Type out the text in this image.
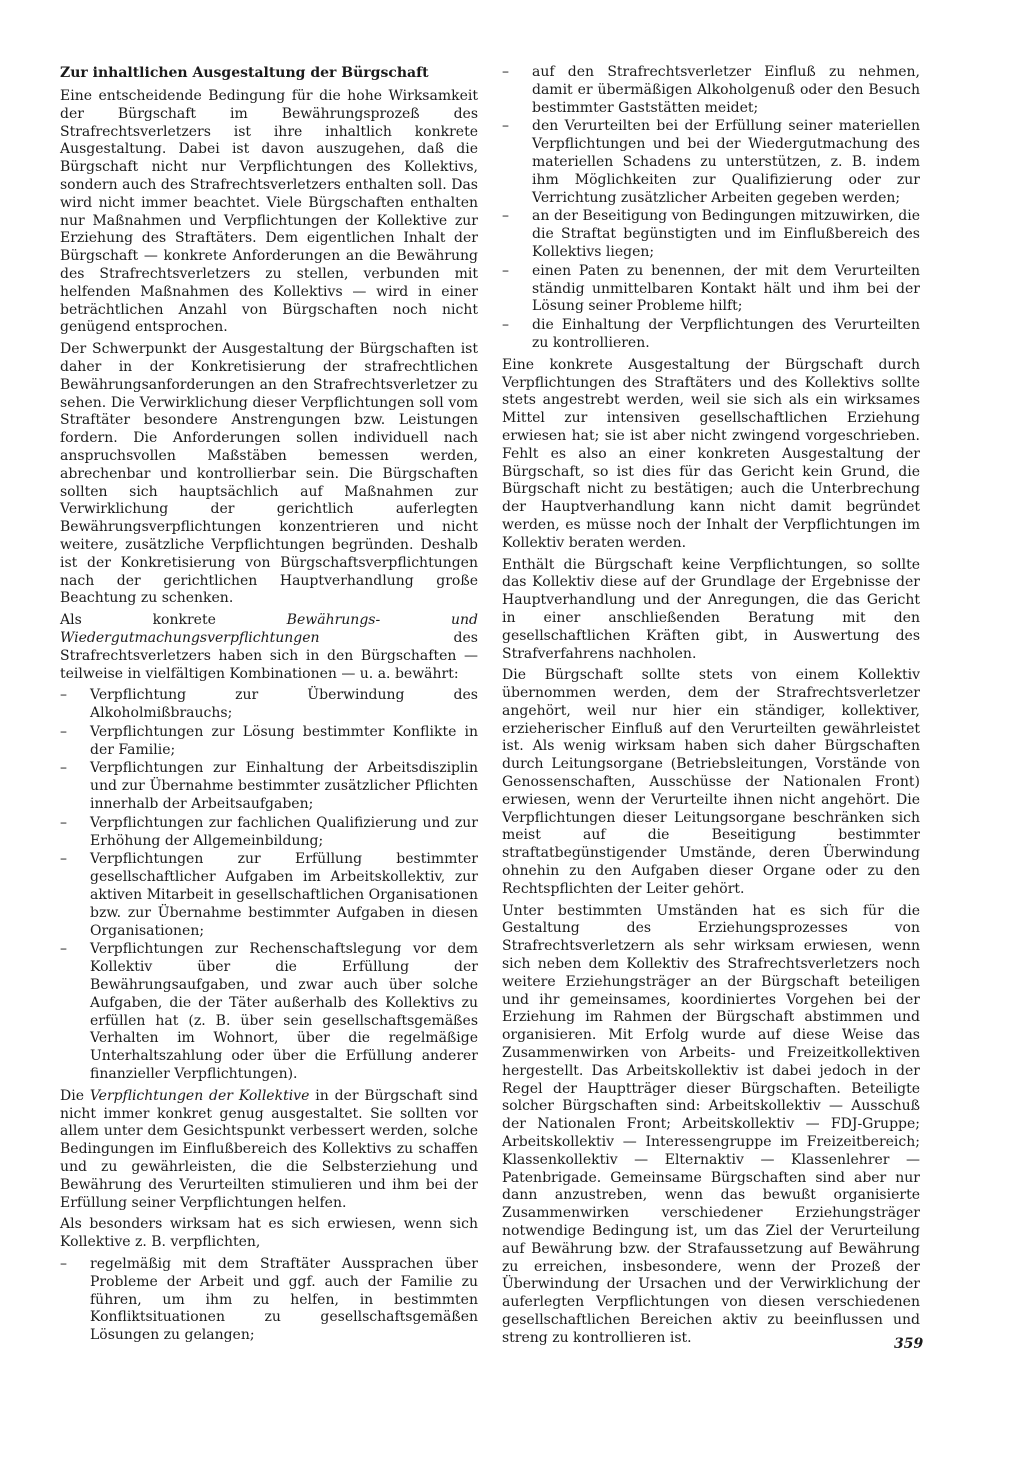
Zur inhaltlichen Ausgestaltung der Bürgschaft

Eine entscheidende Bedingung für die hohe Wirksamkeit der Bürgschaft im Bewährungsprozeß des Strafrechtsverletzers ist ihre inhaltlich konkrete Ausgestaltung. Dabei ist davon auszugehen, daß die Bürgschaft nicht nur Verpflichtungen des Kollektivs, sondern auch des Strafrechtsverletzers enthalten soll. Das wird nicht immer beachtet. Viele Bürgschaften enthalten nur Maßnahmen und Verpflichtungen der Kollektive zur Erziehung des Straftäters. Dem eigentlichen Inhalt der Bürgschaft — konkrete Anforderungen an die Bewährung des Strafrechtsverletzers zu stellen, verbunden mit helfenden Maßnahmen des Kollektivs — wird in einer beträchtlichen Anzahl von Bürgschaften noch nicht genügend entsprochen.

Der Schwerpunkt der Ausgestaltung der Bürgschaften ist daher in der Konkretisierung der strafrechtlichen Bewährungsanforderungen an den Strafrechtsverletzer zu sehen. Die Verwirklichung dieser Verpflichtungen soll vom Straftäter besondere Anstrengungen bzw. Leistungen fordern. Die Anforderungen sollen individuell nach anspruchsvollen Maßstäben bemessen werden, abrechenbar und kontrollierbar sein. Die Bürgschaften sollten sich hauptsächlich auf Maßnahmen zur Verwirklichung der gerichtlich auferlegten Bewährungsverpflichtungen konzentrieren und nicht weitere, zusätzliche Verpflichtungen begründen. Deshalb ist der Konkretisierung von Bürgschaftsverpflichtungen nach der gerichtlichen Hauptverhandlung große Beachtung zu schenken.

Als konkrete Bewährungs- und Wiedergutmachungsverpflichtungen des Strafrechtsverletzers haben sich in den Bürgschaften — teilweise in vielfältigen Kombinationen — u. a. bewährt:

– Verpflichtung zur Überwindung des Alkoholmißbrauchs;
– Verpflichtungen zur Lösung bestimmter Konflikte in der Familie;
– Verpflichtungen zur Einhaltung der Arbeitsdisziplin und zur Übernahme bestimmter zusätzlicher Pflichten innerhalb der Arbeitsaufgaben;
– Verpflichtungen zur fachlichen Qualifizierung und zur Erhöhung der Allgemeinbildung;
– Verpflichtungen zur Erfüllung bestimmter gesellschaftlicher Aufgaben im Arbeitskollektiv, zur aktiven Mitarbeit in gesellschaftlichen Organisationen bzw. zur Übernahme bestimmter Aufgaben in diesen Organisationen;
– Verpflichtungen zur Rechenschaftslegung vor dem Kollektiv über die Erfüllung der Bewährungsaufgaben, und zwar auch über solche Aufgaben, die der Täter außerhalb des Kollektivs zu erfüllen hat (z. B. über sein gesellschaftsgemäßes Verhalten im Wohnort, über die regelmäßige Unterhaltszahlung oder über die Erfüllung anderer finanzieller Verpflichtungen).

Die Verpflichtungen der Kollektive in der Bürgschaft sind nicht immer konkret genug ausgestaltet. Sie sollten vor allem unter dem Gesichtspunkt verbessert werden, solche Bedingungen im Einflußbereich des Kollektivs zu schaffen und zu gewährleisten, die die Selbsterziehung und Bewährung des Verurteilten stimulieren und ihm bei der Erfüllung seiner Verpflichtungen helfen.

Als besonders wirksam hat es sich erwiesen, wenn sich Kollektive z. B. verpflichten,

– regelmäßig mit dem Straftäter Aussprachen über Probleme der Arbeit und ggf. auch der Familie zu führen, um ihm zu helfen, in bestimmten Konfliktsituationen zu gesellschaftsgemäßen Lösungen zu gelangen;
– auf den Strafrechtsverletzer Einfluß zu nehmen, damit er übermäßigen Alkoholgenuß oder den Besuch bestimmter Gaststätten meidet;
– den Verurteilten bei der Erfüllung seiner materiellen Verpflichtungen und bei der Wiedergutmachung des materiellen Schadens zu unterstützen, z. B. indem ihm Möglichkeiten zur Qualifizierung oder zur Verrichtung zusätzlicher Arbeiten gegeben werden;
– an der Beseitigung von Bedingungen mitzuwirken, die die Straftat begünstigten und im Einflußbereich des Kollektivs liegen;
– einen Paten zu benennen, der mit dem Verurteilten ständig unmittelbaren Kontakt hält und ihm bei der Lösung seiner Probleme hilft;
– die Einhaltung der Verpflichtungen des Verurteilten zu kontrollieren.

Eine konkrete Ausgestaltung der Bürgschaft durch Verpflichtungen des Straftäters und des Kollektivs sollte stets angestrebt werden, weil sie sich als ein wirksames Mittel zur intensiven gesellschaftlichen Erziehung erwiesen hat; sie ist aber nicht zwingend vorgeschrieben. Fehlt es also an einer konkreten Ausgestaltung der Bürgschaft, so ist dies für das Gericht kein Grund, die Bürgschaft nicht zu bestätigen; auch die Unterbrechung der Hauptverhandlung kann nicht damit begründet werden, es müsse noch der Inhalt der Verpflichtungen im Kollektiv beraten werden.

Enthält die Bürgschaft keine Verpflichtungen, so sollte das Kollektiv diese auf der Grundlage der Ergebnisse der Hauptverhandlung und der Anregungen, die das Gericht in einer anschließenden Beratung mit den gesellschaftlichen Kräften gibt, in Auswertung des Strafverfahrens nachholen.

Die Bürgschaft sollte stets von einem Kollektiv übernommen werden, dem der Strafrechtsverletzer angehört, weil nur hier ein ständiger, kollektiver, erzieherischer Einfluß auf den Verurteilten gewährleistet ist. Als wenig wirksam haben sich daher Bürgschaften durch Leitungsorgane (Betriebsleitungen, Vorstände von Genossenschaften, Ausschüsse der Nationalen Front) erwiesen, wenn der Verurteilte ihnen nicht angehört. Die Verpflichtungen dieser Leitungsorgane beschränken sich meist auf die Beseitigung bestimmter straftatbegünstigender Umstände, deren Überwindung ohnehin zu den Aufgaben dieser Organe oder zu den Rechtspflichten der Leiter gehört.

Unter bestimmten Umständen hat es sich für die Gestaltung des Erziehungsprozesses von Strafrechtsverletzern als sehr wirksam erwiesen, wenn sich neben dem Kollektiv des Strafrechtsverletzers noch weitere Erziehungsträger an der Bürgschaft beteiligen und ihr gemeinsames, koordiniertes Vorgehen bei der Erziehung im Rahmen der Bürgschaft abstimmen und organisieren. Mit Erfolg wurde auf diese Weise das Zusammenwirken von Arbeits- und Freizeitkollektiven hergestellt. Das Arbeitskollektiv ist dabei jedoch in der Regel der Hauptträger dieser Bürgschaften. Beteiligte solcher Bürgschaften sind: Arbeitskollektiv — Ausschuß der Nationalen Front; Arbeitskollektiv — FDJ-Gruppe; Arbeitskollektiv — Interessengruppe im Freizeitbereich; Klassenkollektiv — Elternaktiv — Klassenlehrer — Patenbrigade. Gemeinsame Bürgschaften sind aber nur dann anzustreben, wenn das bewußt organisierte Zusammenwirken verschiedener Erziehungsträger notwendige Bedingung ist, um das Ziel der Verurteilung auf Bewährung bzw. der Strafaussetzung auf Bewährung zu erreichen, insbesondere, wenn der Prozeß der Überwindung der Ursachen und der Verwirklichung der auferlegten Verpflichtungen von diesen verschiedenen gesellschaftlichen Bereichen aktiv zu beeinflussen und streng zu kontrollieren ist.	359
